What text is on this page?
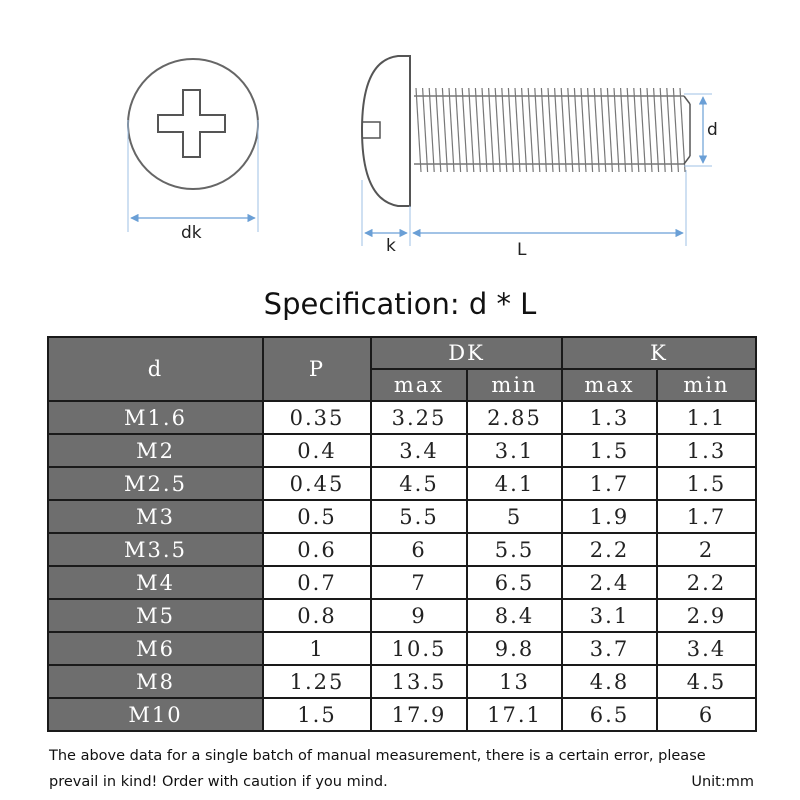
dk
k	L
d
Specification: d * L
d	P	DK		K	
		max	min	max	min
M1.6	0.35	3.25	2.85	1.3	1.1
M2	0.4	3.4	3.1	1.5	1.3
M2.5	0.45	4.5	4.1	1.7	1.5
M3	0.5	5.5	5	1.9	1.7
M3.5	0.6	6	5.5	2.2	2
M4	0.7	7	6.5	2.4	2.2
M5	0.8	9	8.4	3.1	2.9
M6	1	10.5	9.8	3.7	3.4
M8	1.25	13.5	13	4.8	4.5
M10	1.5	17.9	17.1	6.5	6
The above data for a single batch of manual measurement, there is a certain error, please prevail in kind! Order with caution if you mind.	Unit:mm
